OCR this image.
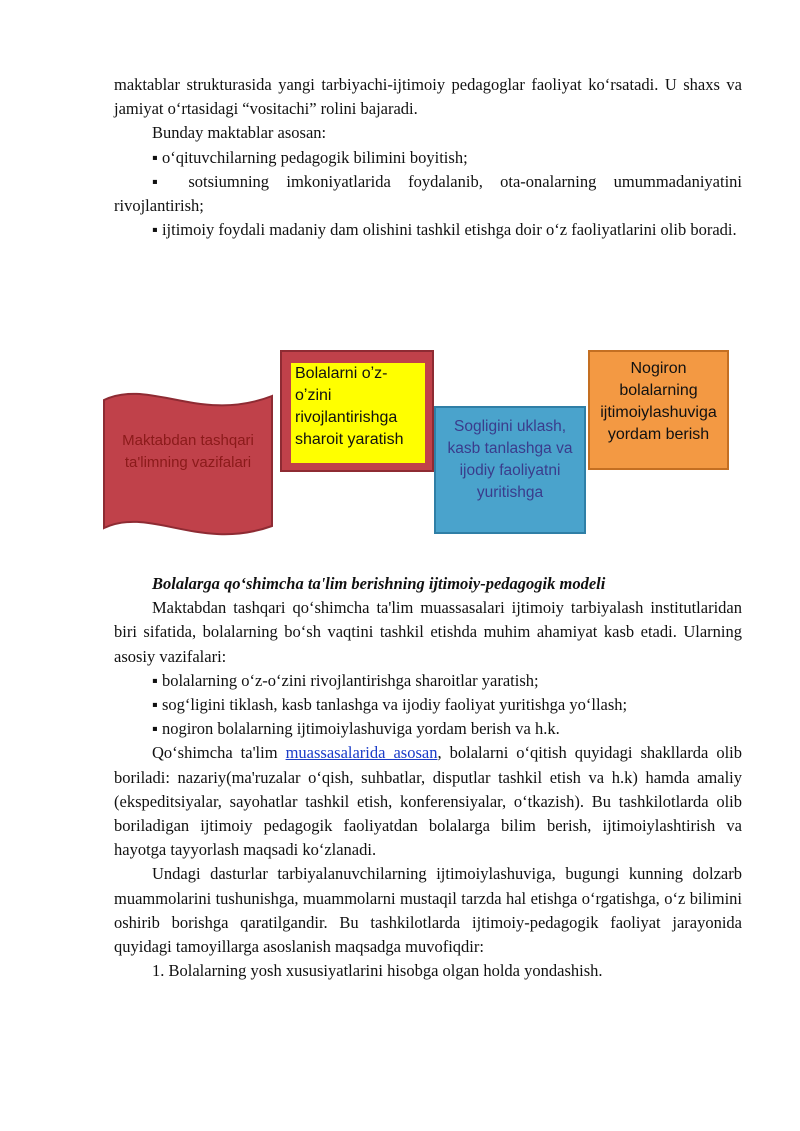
maktablar strukturasida yangi tarbiyachi-ijtimoiy pedagoglar faoliyat koʻrsatadi. U shaxs va jamiyat oʻrtasidagi “vositachi” rolini bajaradi.

Bunday maktablar asosan:

▪ oʻqituvchilarning pedagogik bilimini boyitish;

▪ sotsiumning imkoniyatlarida foydalanib, ota-onalarning umummadaniyatini rivojlantirish;

▪ ijtimoiy foydali madaniy dam olishini tashkil etishga doir oʻz faoliyatlarini olib boradi.

Maktabdan tashqari ta'limning vazifalari
Bolalarni oʼz-oʼzini rivojlantirishga sharoit yaratish
Sogligini uklash, kasb tanlashga va ijodiy faoliyatni yuritishga
Nogiron bolalarning ijtimoiylashuviga yordam berish

Bolalarga qoʻshimcha ta'lim berishning ijtimoiy-pedagogik modeli

Maktabdan tashqari qoʻshimcha ta'lim muassasalari ijtimoiy tarbiyalash institutlaridan biri sifatida, bolalarning boʻsh vaqtini tashkil etishda muhim ahamiyat kasb etadi. Ularning asosiy vazifalari:

▪ bolalarning oʻz-oʻzini rivojlantirishga sharoitlar yaratish;

▪ sogʻligini tiklash, kasb tanlashga va ijodiy faoliyat yuritishga yoʻllash;

▪ nogiron bolalarning ijtimoiylashuviga yordam berish va h.k.

Qoʻshimcha ta'lim muassasalarida asosan, bolalarni oʻqitish quyidagi shakllarda olib boriladi: nazariy(ma'ruzalar oʻqish, suhbatlar, disputlar tashkil etish va h.k) hamda amaliy (ekspeditsiyalar, sayohatlar tashkil etish, konferensiyalar, oʻtkazish). Bu tashkilotlarda olib boriladigan ijtimoiy pedagogik faoliyatdan bolalarga bilim berish, ijtimoiylashtirish va hayotga tayyorlash maqsadi koʻzlanadi.

Undagi dasturlar tarbiyalanuvchilarning ijtimoiylashuviga, bugungi kunning dolzarb muammolarini tushunishga, muammolarni mustaqil tarzda hal etishga oʻrgatishga, oʻz bilimini oshirib borishga qaratilgandir. Bu tashkilotlarda ijtimoiy-pedagogik faoliyat jarayonida quyidagi tamoyillarga asoslanish maqsadga muvofiqdir:

1. Bolalarning yosh xususiyatlarini hisobga olgan holda yondashish.
